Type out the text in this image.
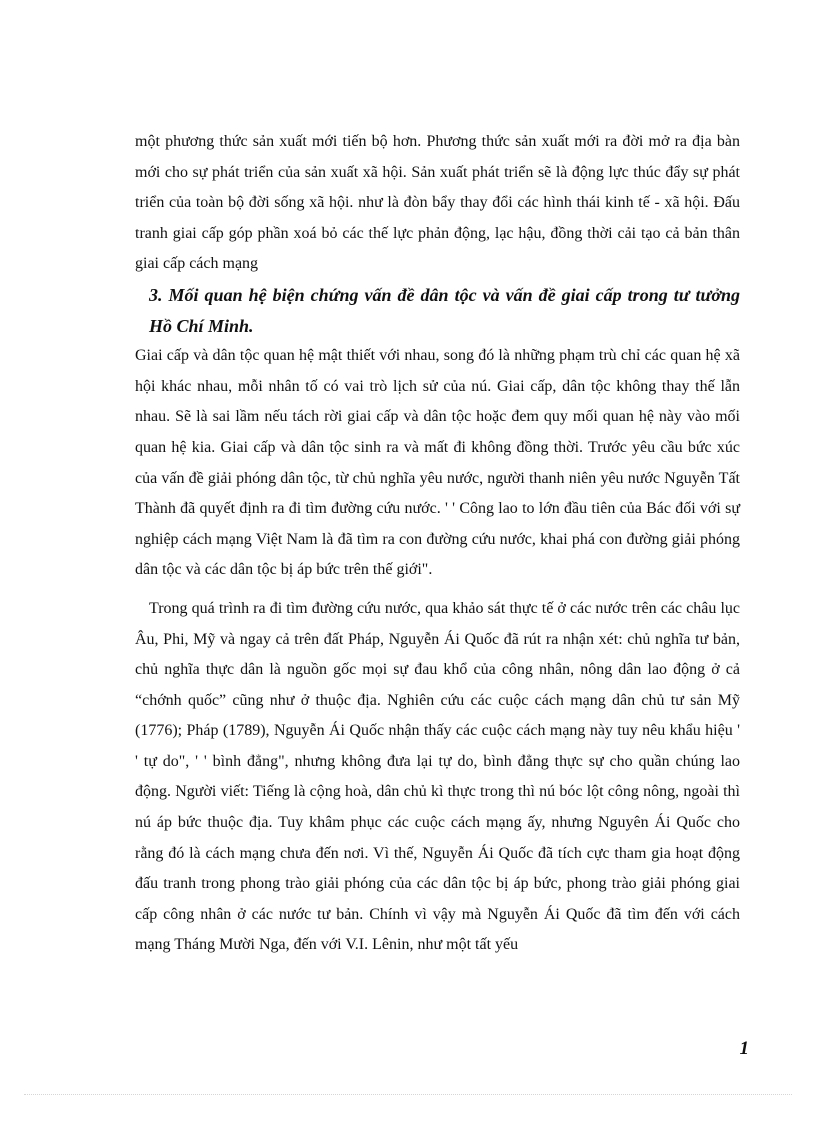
một phương thức sản xuất mới tiến bộ hơn. Phương thức sản xuất mới ra đời mở ra địa bàn mới cho sự phát triển của sản xuất xã hội. Sản xuất phát triển sẽ là động lực thúc đẩy sự phát triển của toàn bộ đời sống xã hội. như là đòn bẩy thay đổi các hình thái kinh tế - xã hội. Đấu tranh giai cấp góp phần xoá bỏ các thế lực phản động, lạc hậu, đồng thời cải tạo cả bản thân giai cấp cách mạng

3. Mối quan hệ biện chứng vấn đề dân tộc và vấn đề giai cấp trong tư tưởng Hồ Chí Minh.

Giai cấp và dân tộc quan hệ mật thiết với nhau, song đó là những phạm trù chỉ các quan hệ xã hội khác nhau, mỗi nhân tố có vai trò lịch sử của nú. Giai cấp, dân tộc không thay thế lẫn nhau. Sẽ là sai lầm nếu tách rời giai cấp và dân tộc hoặc đem quy mối quan hệ này vào mối quan hệ kia. Giai cấp và dân tộc sinh ra và mất đi không đồng thời. Trước yêu cầu bức xúc của vấn đề giải phóng dân tộc, từ chủ nghĩa yêu nước, người thanh niên yêu nước Nguyễn Tất Thành đã quyết định ra đi tìm đường cứu nước. ' ' Công lao to lớn đầu tiên của Bác đối với sự nghiệp cách mạng Việt Nam là đã tìm ra con đường cứu nước, khai phá con đường giải phóng dân tộc và các dân tộc bị áp bức trên thế giới".

Trong quá trình ra đi tìm đường cứu nước, qua khảo sát thực tế ở các nước trên các châu lục Âu, Phi, Mỹ và ngay cả trên đất Pháp, Nguyễn Ái Quốc đã rút ra nhận xét: chủ nghĩa tư bản, chủ nghĩa thực dân là nguồn gốc mọi sự đau khổ của công nhân, nông dân lao động ở cả “chớnh quốc” cũng như ở thuộc địa. Nghiên cứu các cuộc cách mạng dân chủ tư sản Mỹ (1776); Pháp (1789), Nguyễn Ái Quốc nhận thấy các cuộc cách mạng này tuy nêu khẩu hiệu ' ' tự do", ' ' bình đẳng", nhưng không đưa lại tự do, bình đẳng thực sự cho quần chúng lao động. Người viết: Tiếng là cộng hoà, dân chủ kì thực trong thì nú bóc lột công nông, ngoài thì nú áp bức thuộc địa. Tuy khâm phục các cuộc cách mạng ấy, nhưng Nguyên Ái Quốc cho rằng đó là cách mạng chưa đến nơi. Vì thế, Nguyễn Ái Quốc đã tích cực tham gia hoạt động đấu tranh trong phong trào giải phóng của các dân tộc bị áp bức, phong trào giải phóng giai cấp công nhân ở các nước tư bản. Chính vì vậy mà Nguyễn Ái Quốc đã tìm đến với cách mạng Tháng Mười Nga, đến với V.I. Lênin, như một tất yếu

1
